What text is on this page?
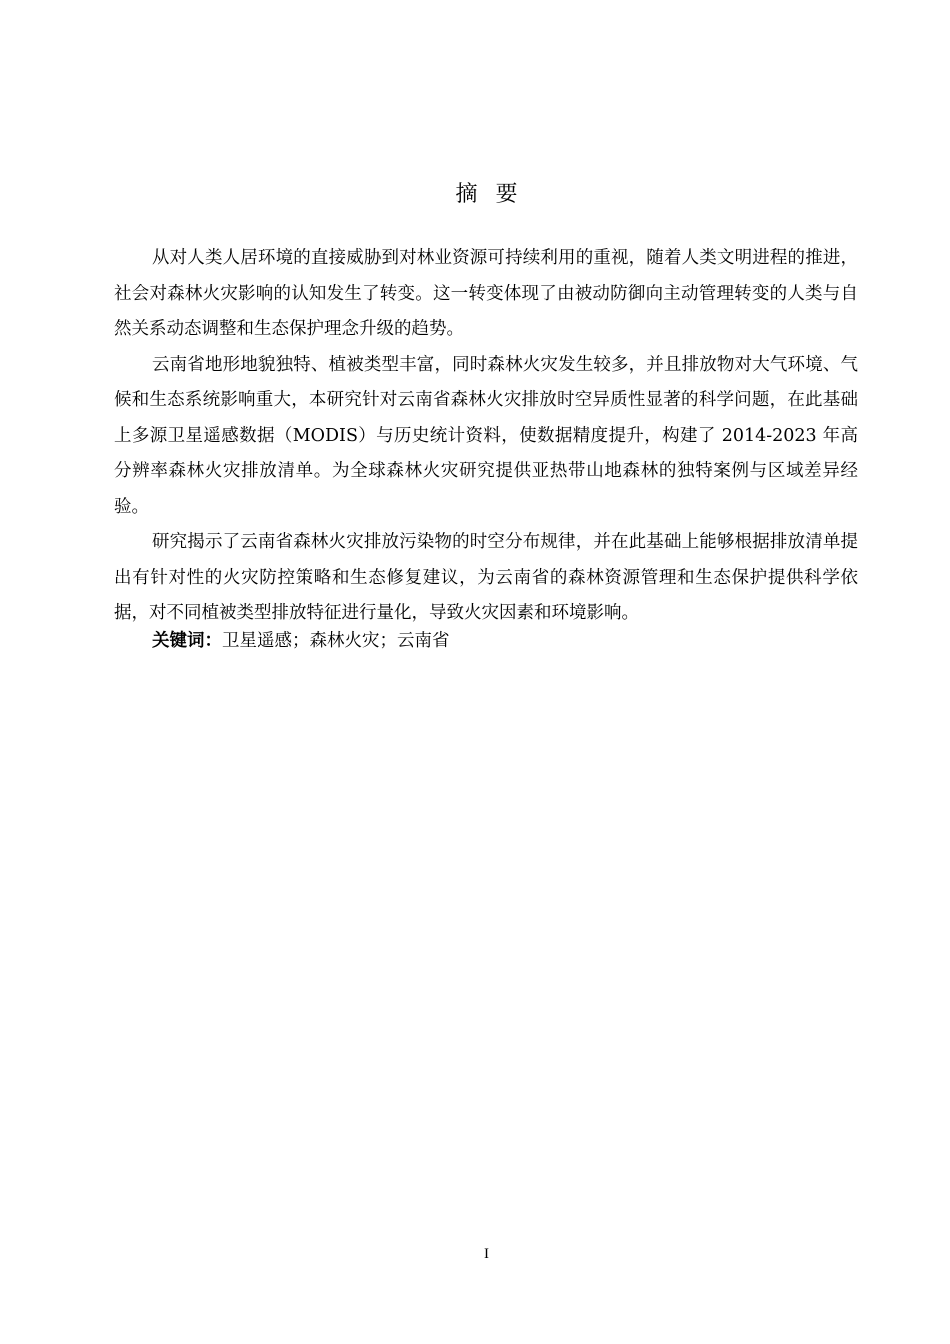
摘 要

从对人类人居环境的直接威胁到对林业资源可持续利用的重视，随着人类文明进程的推进，社会对森林火灾影响的认知发生了转变。这一转变体现了由被动防御向主动管理转变的人类与自然关系动态调整和生态保护理念升级的趋势。

云南省地形地貌独特、植被类型丰富，同时森林火灾发生较多，并且排放物对大气环境、气候和生态系统影响重大，本研究针对云南省森林火灾排放时空异质性显著的科学问题，在此基础上多源卫星遥感数据（MODIS）与历史统计资料，使数据精度提升，构建了 2014-2023 年高分辨率森林火灾排放清单。为全球森林火灾研究提供亚热带山地森林的独特案例与区域差异经验。

研究揭示了云南省森林火灾排放污染物的时空分布规律，并在此基础上能够根据排放清单提出有针对性的火灾防控策略和生态修复建议，为云南省的森林资源管理和生态保护提供科学依据，对不同植被类型排放特征进行量化，导致火灾因素和环境影响。

关键词：卫星遥感；森林火灾；云南省
I
